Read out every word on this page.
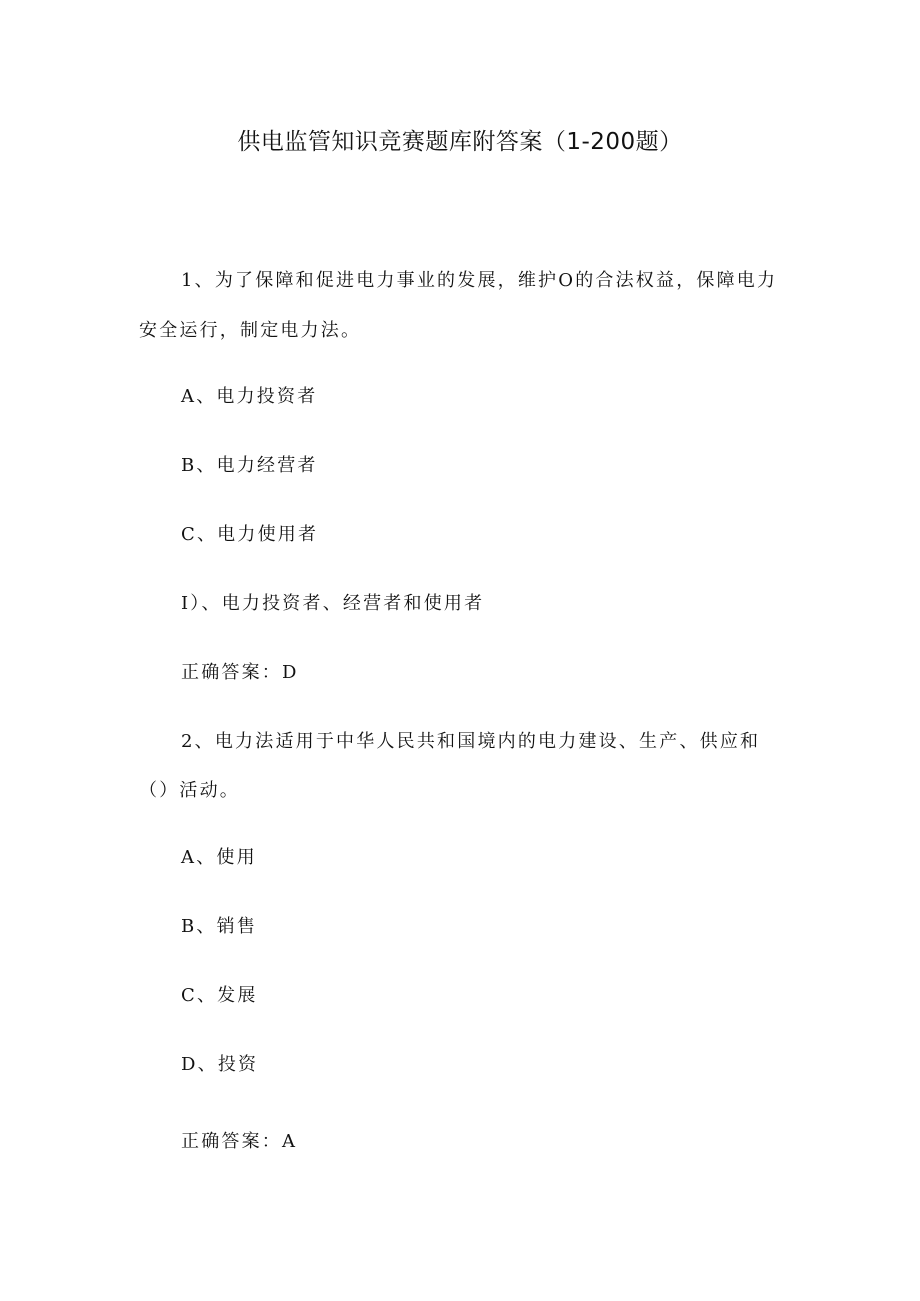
供电监管知识竞赛题库附答案（1-200题）

1、为了保障和促进电力事业的发展，维护O的合法权益，保障电力

安全运行，制定电力法。

A、电力投资者

B、电力经营者

C、电力使用者

I）、电力投资者、经营者和使用者

正确答案：D

2、电力法适用于中华人民共和国境内的电力建设、生产、供应和

（）活动。

A、使用

B、销售

C、发展

D、投资

正确答案：A
